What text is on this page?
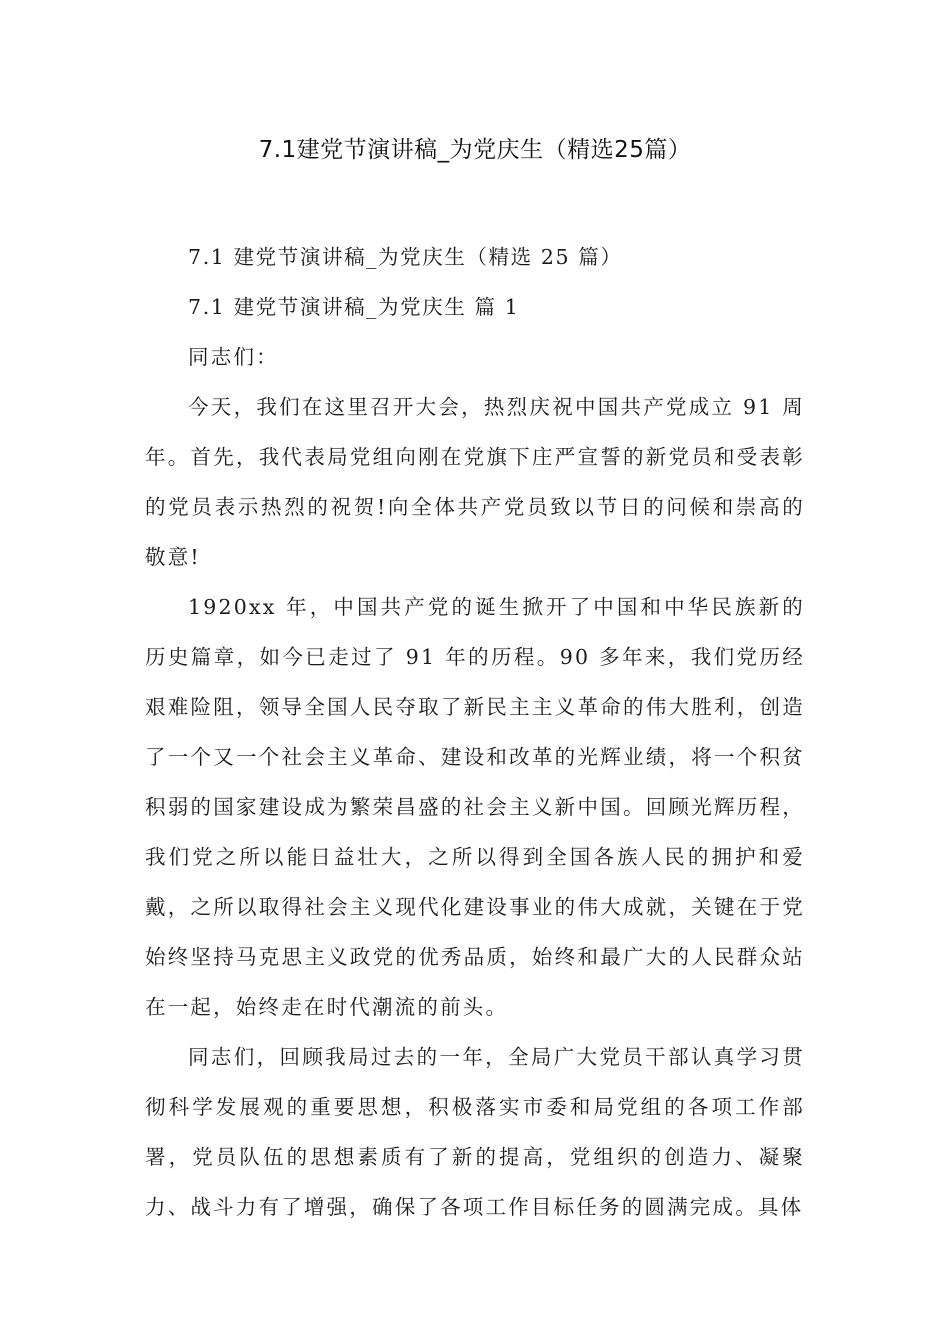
7.1建党节演讲稿_为党庆生（精选25篇）

7.1 建党节演讲稿_为党庆生（精选 25 篇）

7.1 建党节演讲稿_为党庆生 篇 1

同志们：

今天，我们在这里召开大会，热烈庆祝中国共产党成立 91 周年。首先，我代表局党组向刚在党旗下庄严宣誓的新党员和受表彰的党员表示热烈的祝贺!向全体共产党员致以节日的问候和崇高的敬意!

1920xx 年，中国共产党的诞生掀开了中国和中华民族新的历史篇章，如今已走过了 91 年的历程。90 多年来，我们党历经艰难险阻，领导全国人民夺取了新民主主义革命的伟大胜利，创造了一个又一个社会主义革命、建设和改革的光辉业绩，将一个积贫积弱的国家建设成为繁荣昌盛的社会主义新中国。回顾光辉历程，我们党之所以能日益壮大，之所以得到全国各族人民的拥护和爱戴，之所以取得社会主义现代化建设事业的伟大成就，关键在于党始终坚持马克思主义政党的优秀品质，始终和最广大的人民群众站在一起，始终走在时代潮流的前头。

同志们，回顾我局过去的一年，全局广大党员干部认真学习贯彻科学发展观的重要思想，积极落实市委和局党组的各项工作部署，党员队伍的思想素质有了新的提高，党组织的创造力、凝聚力、战斗力有了增强，确保了各项工作目标任务的圆满完成。具体
